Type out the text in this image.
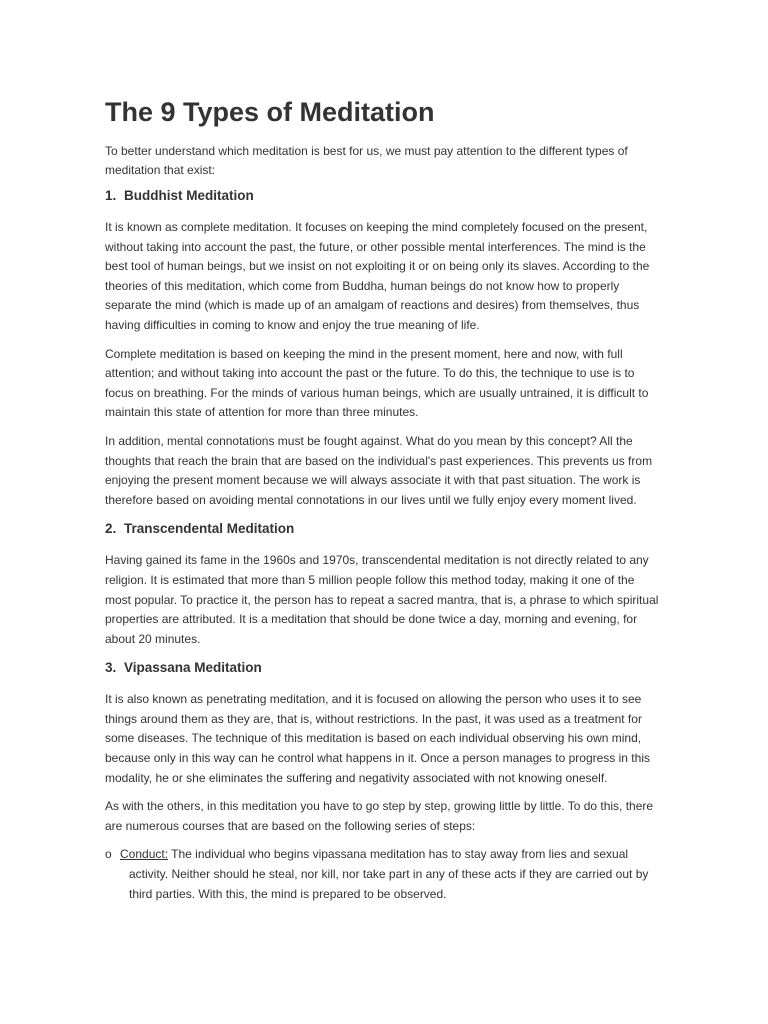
The 9 Types of Meditation

To better understand which meditation is best for us, we must pay attention to the different types of meditation that exist:

1. Buddhist Meditation

It is known as complete meditation. It focuses on keeping the mind completely focused on the present, without taking into account the past, the future, or other possible mental interferences. The mind is the best tool of human beings, but we insist on not exploiting it or on being only its slaves. According to the theories of this meditation, which come from Buddha, human beings do not know how to properly separate the mind (which is made up of an amalgam of reactions and desires) from themselves, thus having difficulties in coming to know and enjoy the true meaning of life.

Complete meditation is based on keeping the mind in the present moment, here and now, with full attention; and without taking into account the past or the future. To do this, the technique to use is to focus on breathing. For the minds of various human beings, which are usually untrained, it is difficult to maintain this state of attention for more than three minutes.

In addition, mental connotations must be fought against. What do you mean by this concept? All the thoughts that reach the brain that are based on the individual's past experiences. This prevents us from enjoying the present moment because we will always associate it with that past situation. The work is therefore based on avoiding mental connotations in our lives until we fully enjoy every moment lived.

2. Transcendental Meditation

Having gained its fame in the 1960s and 1970s, transcendental meditation is not directly related to any religion. It is estimated that more than 5 million people follow this method today, making it one of the most popular. To practice it, the person has to repeat a sacred mantra, that is, a phrase to which spiritual properties are attributed. It is a meditation that should be done twice a day, morning and evening, for about 20 minutes.

3. Vipassana Meditation

It is also known as penetrating meditation, and it is focused on allowing the person who uses it to see things around them as they are, that is, without restrictions. In the past, it was used as a treatment for some diseases. The technique of this meditation is based on each individual observing his own mind, because only in this way can he control what happens in it. Once a person manages to progress in this modality, he or she eliminates the suffering and negativity associated with not knowing oneself.

As with the others, in this meditation you have to go step by step, growing little by little. To do this, there are numerous courses that are based on the following series of steps:

o Conduct: The individual who begins vipassana meditation has to stay away from lies and sexual activity. Neither should he steal, nor kill, nor take part in any of these acts if they are carried out by third parties. With this, the mind is prepared to be observed.
